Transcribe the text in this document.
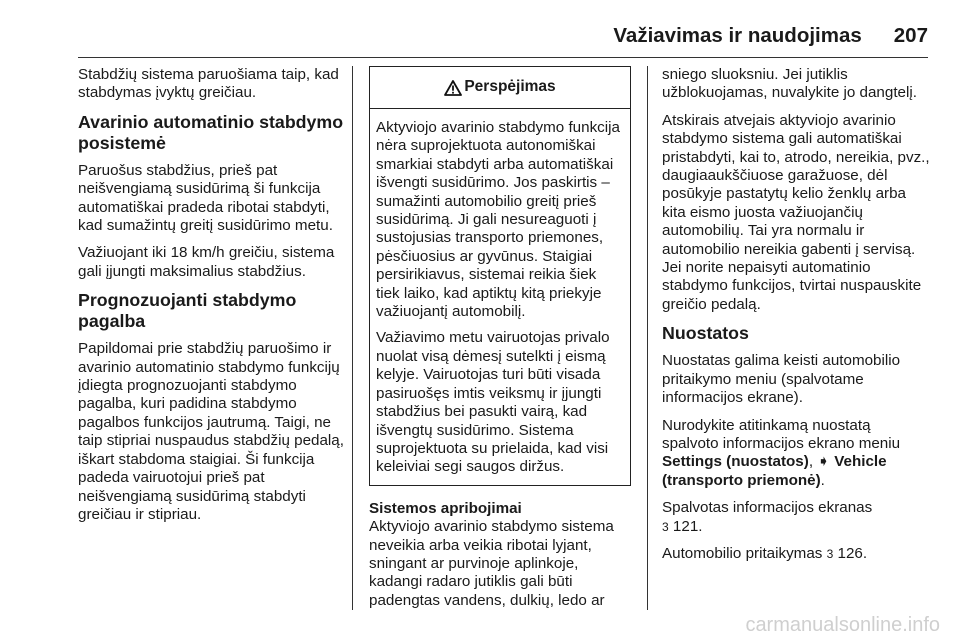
Važiavimas ir naudojimas 207

Stabdžių sistema paruošiama taip, kad stabdymas įvyktų greičiau.

Avarinio automatinio stabdymo posistemė

Paruošus stabdžius, prieš pat neišvengiamą susidūrimą ši funkcija automatiškai pradeda ribotai stabdyti, kad sumažintų greitį susidūrimo metu.

Važiuojant iki 18 km/h greičiu, sistema gali įjungti maksimalius stabdžius.

Prognozuojanti stabdymo pagalba

Papildomai prie stabdžių paruošimo ir avarinio automatinio stabdymo funkcijų įdiegta prognozuojanti stabdymo pagalba, kuri padidina stabdymo pagalbos funkcijos jautrumą. Taigi, ne taip stipriai nuspaudus stabdžių pedalą, iškart stabdoma staigiai. Ši funkcija padeda vairuotojui prieš pat neišvengiamą susidūrimą stabdyti greičiau ir stipriau.

Perspėjimas

Aktyviojo avarinio stabdymo funkcija nėra suprojektuota autonomiškai smarkiai stabdyti arba automatiškai išvengti susidūrimo. Jos paskirtis – sumažinti automobilio greitį prieš susidūrimą. Ji gali nesureaguoti į sustojusias transporto priemones, pėsčiuosius ar gyvūnus. Staigiai persirikiavus, sistemai reikia šiek tiek laiko, kad aptiktų kitą priekyje važiuojantį automobilį.

Važiavimo metu vairuotojas privalo nuolat visą dėmesį sutelkti į eismą kelyje. Vairuotojas turi būti visada pasiruošęs imtis veiksmų ir įjungti stabdžius bei pasukti vairą, kad išvengtų susidūrimo. Sistema suprojektuota su prielaida, kad visi keleiviai segi saugos diržus.

Sistemos apribojimai

Aktyviojo avarinio stabdymo sistema neveikia arba veikia ribotai lyjant, sningant ar purvinoje aplinkoje, kadangi radaro jutiklis gali būti padengtas vandens, dulkių, ledo ar

sniego sluoksniu. Jei jutiklis užblokuojamas, nuvalykite jo dangtelį.

Atskirais atvejais aktyviojo avarinio stabdymo sistema gali automatiškai pristabdyti, kai to, atrodo, nereikia, pvz., daugiaaukščiuose garažuose, dėl posūkyje pastatytų kelio ženklų arba kita eismo juosta važiuojančių automobilių. Tai yra normalu ir automobilio nereikia gabenti į servisą. Jei norite nepaisyti automatinio stabdymo funkcijos, tvirtai nuspauskite greičio pedalą.

Nuostatos

Nuostatas galima keisti automobilio pritaikymo meniu (spalvotame informacijos ekrane).

Nurodykite atitinkamą nuostatą spalvoto informacijos ekrano meniu Settings (nuostatos), ➧ Vehicle (transporto priemonė).

Spalvotas informacijos ekranas
3 121.

Automobilio pritaikymas 3 126.

carmanualsonline.info
